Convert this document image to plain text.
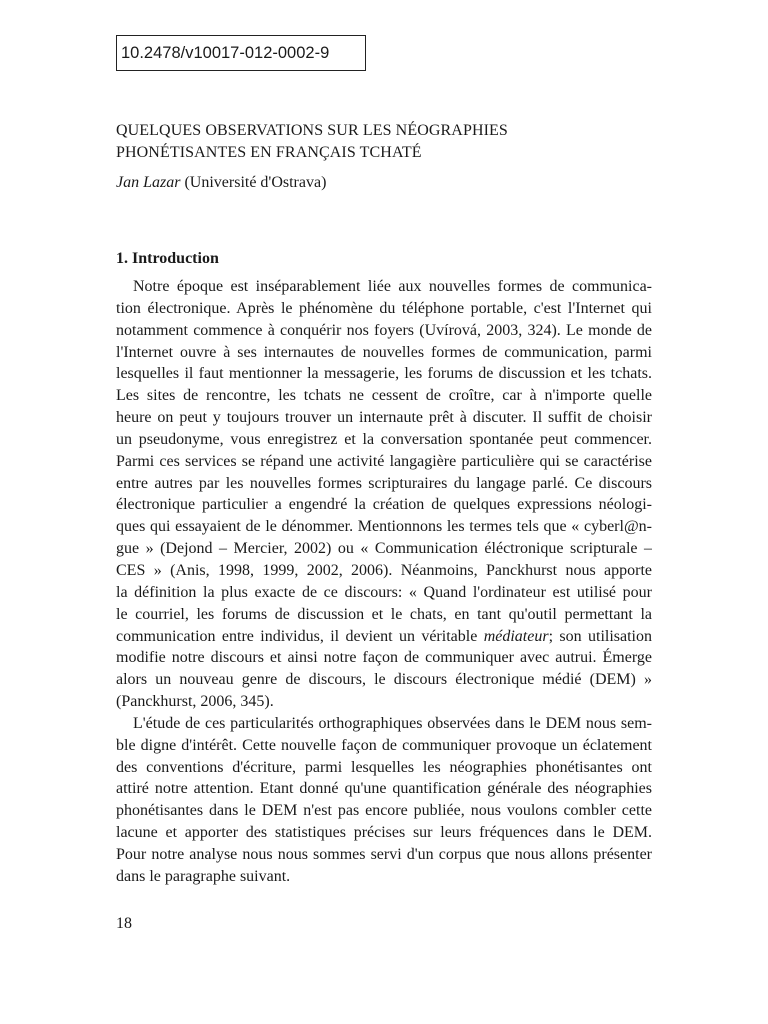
10.2478/v10017-012-0002-9
QUELQUES OBSERVATIONS SUR LES NÉOGRAPHIES
PHONÉTISANTES EN FRANÇAIS TCHATÉ
Jan Lazar (Université d'Ostrava)
1. Introduction
Notre époque est inséparablement liée aux nouvelles formes de communica-
tion électronique. Après le phénomène du téléphone portable, c'est l'Internet qui
notamment commence à conquérir nos foyers (Uvírová, 2003, 324). Le monde de
l'Internet ouvre à ses internautes de nouvelles formes de communication, parmi
lesquelles il faut mentionner la messagerie, les forums de discussion et les tchats.
Les sites de rencontre, les tchats ne cessent de croître, car à n'importe quelle
heure on peut y toujours trouver un internaute prêt à discuter. Il suffit de choisir
un pseudonyme, vous enregistrez et la conversation spontanée peut commencer.
Parmi ces services se répand une activité langagière particulière qui se caractérise
entre autres par les nouvelles formes scripturaires du langage parlé. Ce discours
électronique particulier a engendré la création de quelques expressions néologi-
ques qui essayaient de le dénommer. Mentionnons les termes tels que « cyberl@n-
gue » (Dejond – Mercier, 2002) ou « Communication éléctronique scripturale –
CES » (Anis, 1998, 1999, 2002, 2006). Néanmoins, Panckhurst nous apporte
la définition la plus exacte de ce discours: « Quand l'ordinateur est utilisé pour
le courriel, les forums de discussion et le chats, en tant qu'outil permettant la
communication entre individus, il devient un véritable médiateur; son utilisation
modifie notre discours et ainsi notre façon de communiquer avec autrui. Émerge
alors un nouveau genre de discours, le discours électronique médié (DEM) »
(Panckhurst, 2006, 345).
L'étude de ces particularités orthographiques observées dans le DEM nous sem-
ble digne d'intérêt. Cette nouvelle façon de communiquer provoque un éclatement
des conventions d'écriture, parmi lesquelles les néographies phonétisantes ont
attiré notre attention. Etant donné qu'une quantification générale des néographies
phonétisantes dans le DEM n'est pas encore publiée, nous voulons combler cette
lacune et apporter des statistiques précises sur leurs fréquences dans le DEM.
Pour notre analyse nous nous sommes servi d'un corpus que nous allons présenter
dans le paragraphe suivant.
18
